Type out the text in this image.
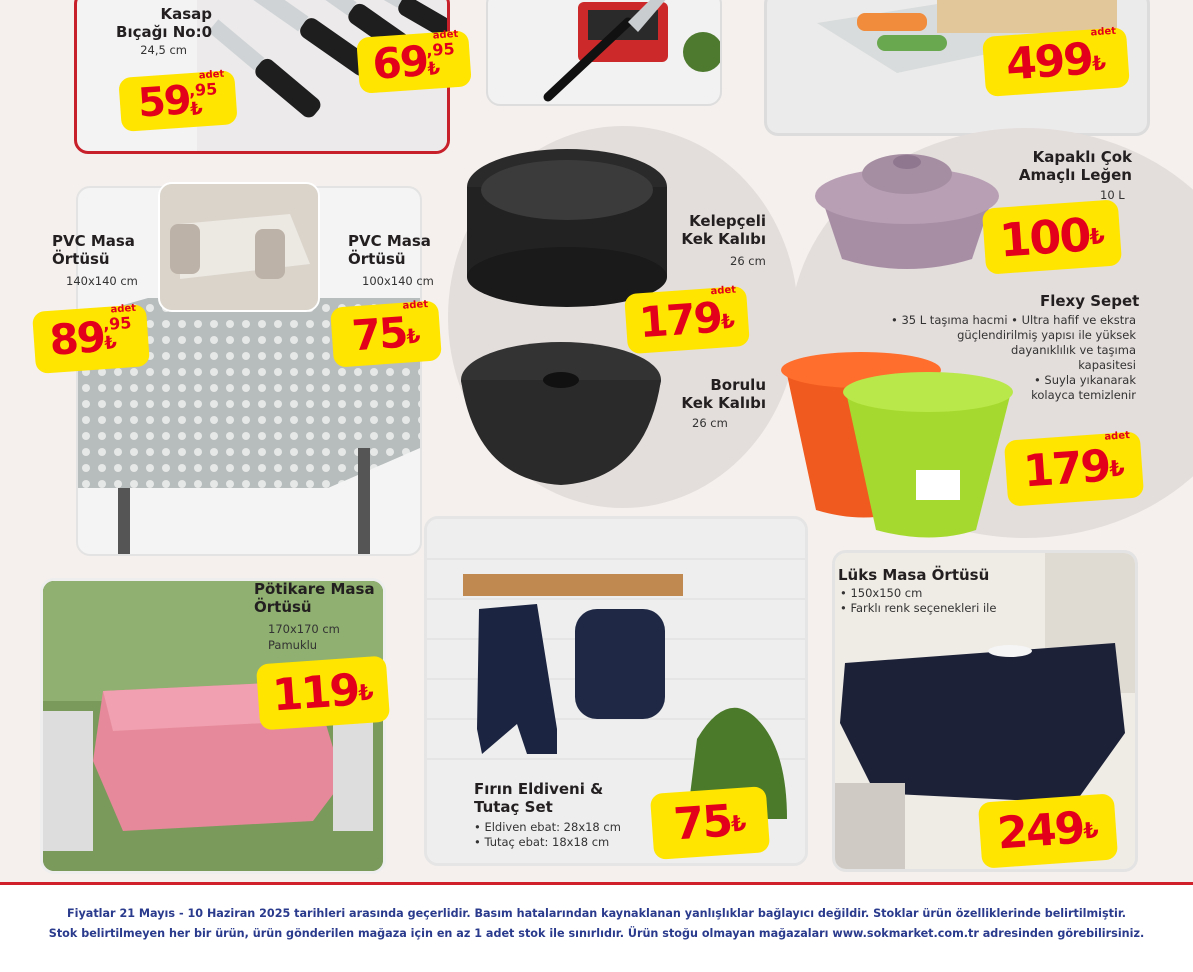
Kasap
Bıçağı No:0
24,5 cm
adet
59
,95
₺
adet
69
,95
₺
adet
499
₺
PVC Masa
Örtüsü
140x140 cm
PVC Masa
Örtüsü
100x140 cm
adet
89
,95
₺
adet
75
₺
Kelepçeli
Kek Kalıbı
26 cm
adet
179
₺
Borulu
Kek Kalıbı
26 cm
Kapaklı Çok
Amaçlı Leğen
10 L
100
₺
Flexy Sepet
• 35 L taşıma hacmi • Ultra hafif ve ekstra
güçlendirilmiş yapısı ile yüksek
dayanıklılık ve taşıma
kapasitesi
• Suyla yıkanarak
kolayca temizlenir
adet
179
₺
Pötikare Masa
Örtüsü
170x170 cm
Pamuklu
119
₺
Fırın Eldiveni &
Tutaç Set
• Eldiven ebat: 28x18 cm
• Tutaç ebat: 18x18 cm 75
₺
Lüks Masa Örtüsü
• 150x150 cm
• Farklı renk seçenekleri ile
249
₺
Fiyatlar 21 Mayıs - 10 Haziran 2025 tarihleri arasında geçerlidir. Basım hatalarından kaynaklanan yanlışlıklar bağlayıcı değildir. Stoklar ürün özelliklerinde belirtilmiştir.
Stok belirtilmeyen her bir ürün, ürün gönderilen mağaza için en az 1 adet stok ile sınırlıdır. Ürün stoğu olmayan mağazaları www.sokmarket.com.tr adresinden görebilirsiniz.
